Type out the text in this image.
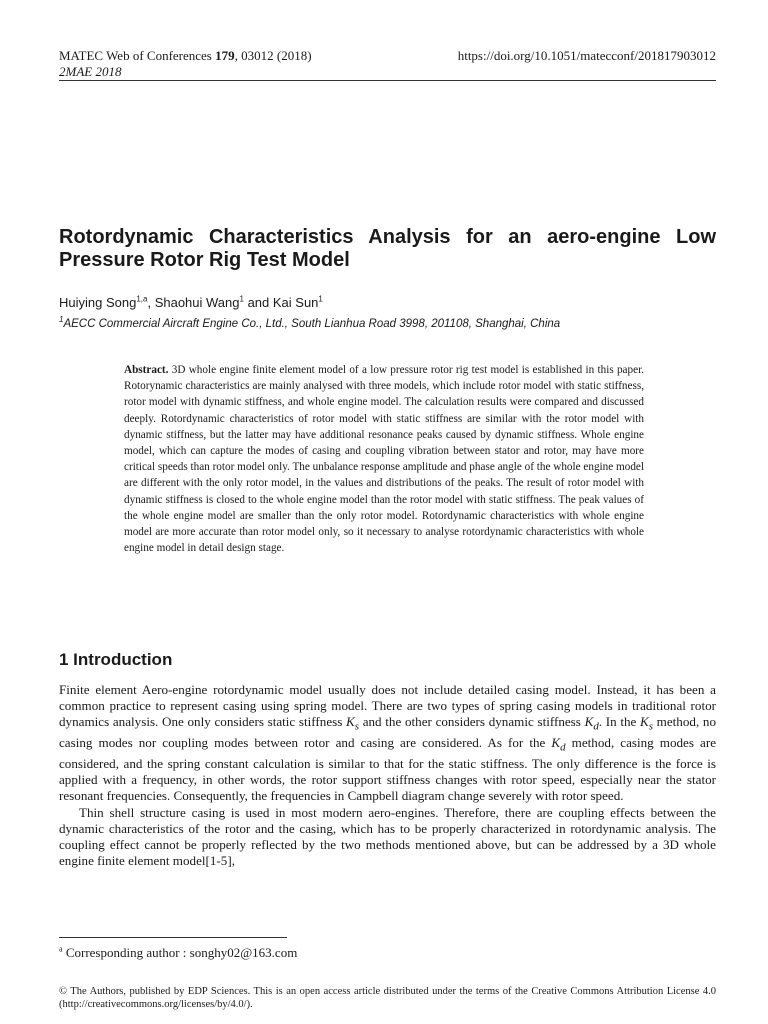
MATEC Web of Conferences 179, 03012 (2018)	https://doi.org/10.1051/matecconf/201817903012
2MAE 2018
Rotordynamic Characteristics Analysis for an aero-engine Low Pressure Rotor Rig Test Model
Huiying Song$^{1,a}$, Shaohui Wang$^1$ and Kai Sun$^1$
$^1$AECC Commercial Aircraft Engine Co., Ltd., South Lianhua Road 3998, 201108, Shanghai, China
Abstract. 3D whole engine finite element model of a low pressure rotor rig test model is established in this paper. Rotorynamic characteristics are mainly analysed with three models, which include rotor model with static stiffness, rotor model with dynamic stiffness, and whole engine model. The calculation results were compared and discussed deeply. Rotordynamic characteristics of rotor model with static stiffness are similar with the rotor model with dynamic stiffness, but the latter may have additional resonance peaks caused by dynamic stiffness. Whole engine model, which can capture the modes of casing and coupling vibration between stator and rotor, may have more critical speeds than rotor model only. The unbalance response amplitude and phase angle of the whole engine model are different with the only rotor model, in the values and distributions of the peaks. The result of rotor model with dynamic stiffness is closed to the whole engine model than the rotor model with static stiffness. The peak values of the whole engine model are smaller than the only rotor model. Rotordynamic characteristics with whole engine model are more accurate than rotor model only, so it necessary to analyse rotordynamic characteristics with whole engine model in detail design stage.
1 Introduction

Finite element Aero-engine rotordynamic model usually does not include detailed casing model. Instead, it has been a common practice to represent casing using spring model. There are two types of spring casing models in traditional rotor dynamics analysis. One only considers static stiffness $K_s$ and the other considers dynamic stiffness $K_d$. In the $K_s$ method, no casing modes nor coupling modes between rotor and casing are considered. As for the $K_d$ method, casing modes are considered, and the spring constant calculation is similar to that for the static stiffness. The only difference is the force is applied with a frequency, in other words, the rotor support stiffness changes with rotor speed, especially near the stator resonant frequencies. Consequently, the frequencies in Campbell diagram change severely with rotor speed.

Thin shell structure casing is used in most modern aero-engines. Therefore, there are coupling effects between the dynamic characteristics of the rotor and the casing, which has to be properly characterized in rotordynamic analysis. The coupling effect cannot be properly reflected by the two methods mentioned above, but can be addressed by a 3D whole engine finite element model[1-5],

$^a$ Corresponding author : songhy02@163.com
© The Authors, published by EDP Sciences. This is an open access article distributed under the terms of the Creative Commons Attribution License 4.0 (http://creativecommons.org/licenses/by/4.0/).
